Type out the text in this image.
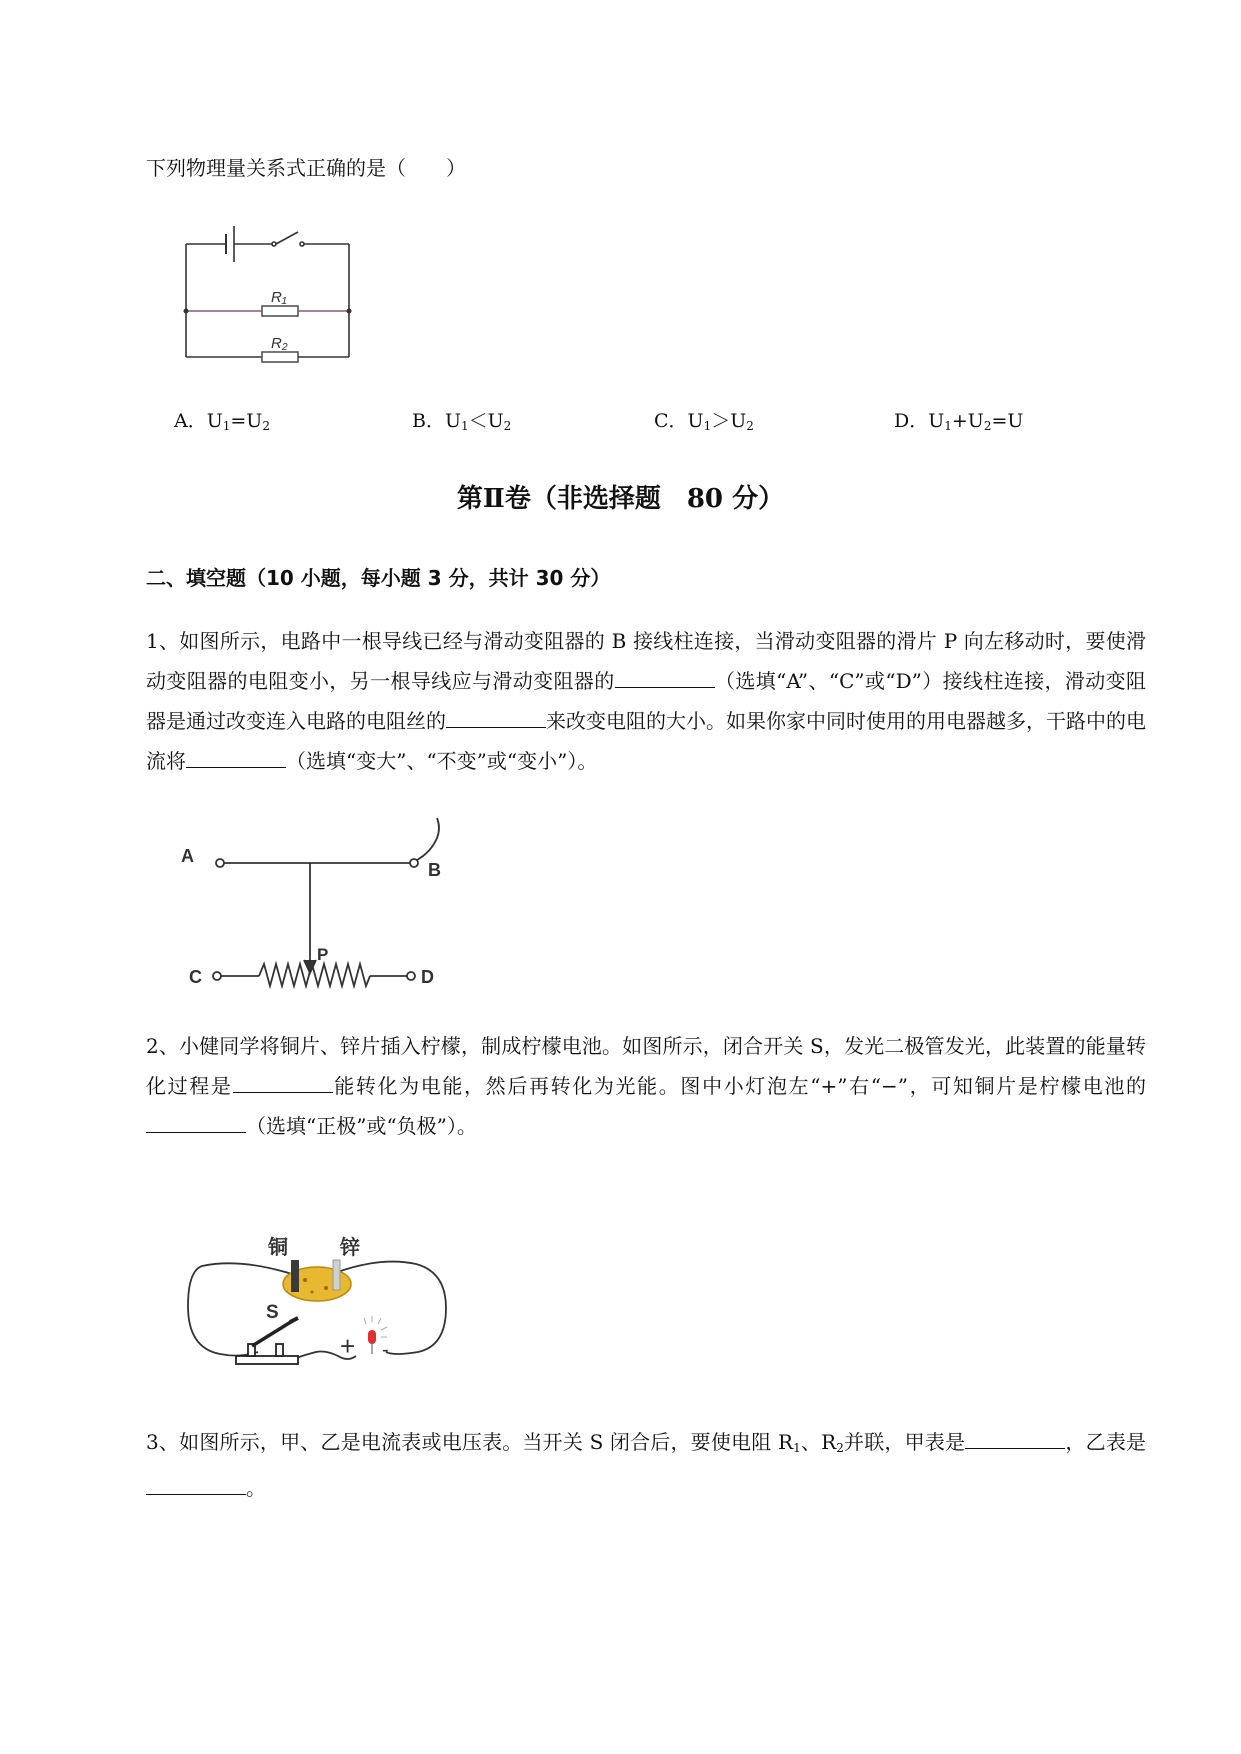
下列物理量关系式正确的是（　　）
R₁
R₂
A．$U_1=U_2$	B．$U_1<U_2$	C．$U_1>U_2$	D．$U_1+U_2=U$
第Ⅱ卷（非选择题　80 分）
二、填空题（10 小题，每小题 3 分，共计 30 分）
1、如图所示，电路中一根导线已经与滑动变阻器的 B 接线柱连接，当滑动变阻器的滑片 P 向左移动时，要使滑动变阻器的电阻变小，另一根导线应与滑动变阻器的	（选填“A”、“C”或“D”）接线柱连接，滑动变阻器是通过改变连入电路的电阻丝的	来改变电阻的大小。如果你家中同时使用的用电器越多，干路中的电流将	（选填“变大”、“不变”或“变小”）。
A
B
C	D
P
2、小健同学将铜片、锌片插入柠檬，制成柠檬电池。如图所示，闭合开关 S，发光二极管发光，此装置的能量转化过程是	能转化为电能，然后再转化为光能。图中小灯泡左“+”右“−”，可知铜片是柠檬电池的（选填“正极”或“负极”）。
铜	锌
S
+ -
3、如图所示，甲、乙是电流表或电压表。当开关 S 闭合后，要使电阻 $R_1$、$R_2$并联，甲表是	，乙表是。
